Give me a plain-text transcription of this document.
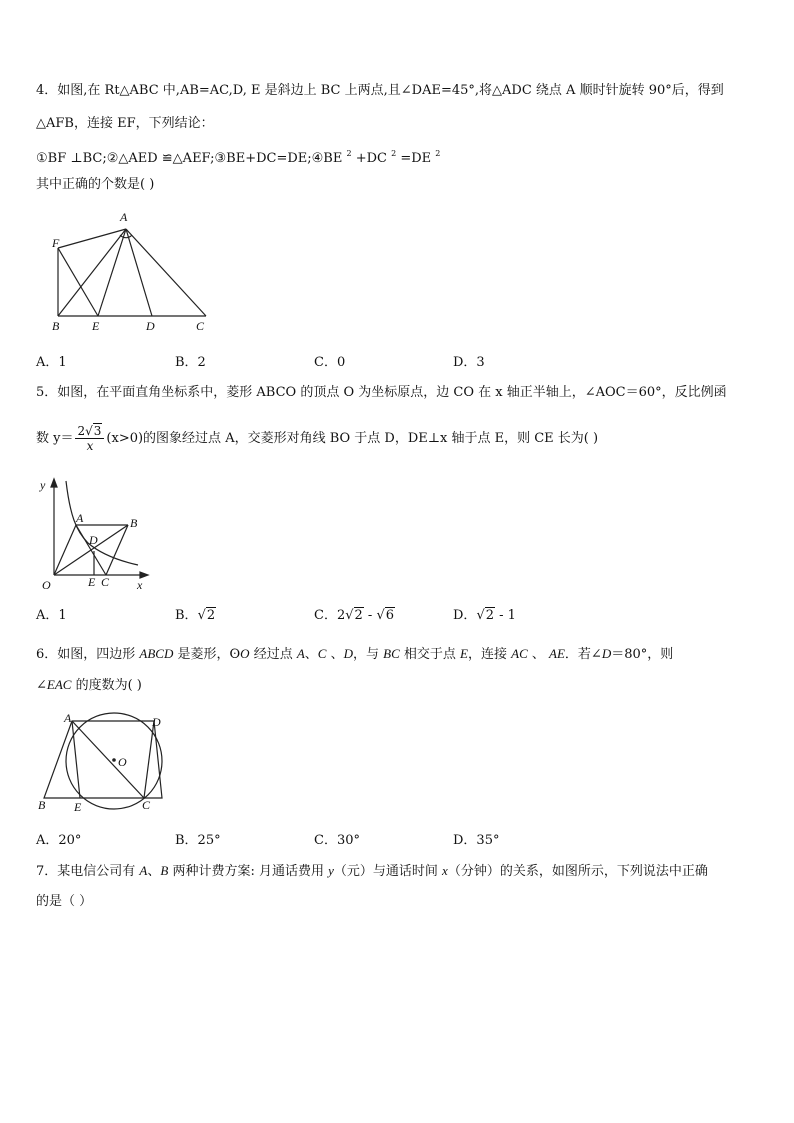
4．如图,在 Rt△ABC 中,AB=AC,D, E 是斜边上 BC 上两点,且∠DAE=45°,将△ADC 绕点 A 顺时针旋转 90°后，得到
△AFB，连接 EF，下列结论：
①BF ⊥BC;②△AED ≌△AEF;③BE+DC=DE;④BE $^2$ +DC $^2$ =DE $^2$
其中正确的个数是( )
A
F
B	E	D	C
A．1	B．2	C．0	D．3
5．如图，在平面直角坐标系中，菱形 ABCO 的顶点 O 为坐标原点，边 CO 在 x 轴正半轴上，∠AOC＝60°，反比例函
数 $y= \frac{2√3}{x} (x>0)$的图象经过点 A，交菱形对角线 BO 于点 D，DE⊥x 轴于点 E，则 CE 长为( )
y
A	B
D
O	E C x
A．1	B．√2	C．2√2 - √6	D．√2 - 1
6．如图，四边形 ABCD 是菱形，ʘO 经过点 A、C 、D，与 BC 相交于点 E，连接 AC 、 AE．若∠D＝80°，则
∠EAC 的度数为( )
A	D
O
B E	C
A．20°	B．25°	C．30°	D．35°
7．某电信公司有 A、B 两种计费方案: 月通话费用 y（元）与通话时间 x（分钟）的关系，如图所示，下列说法中正确
的是（ ）
